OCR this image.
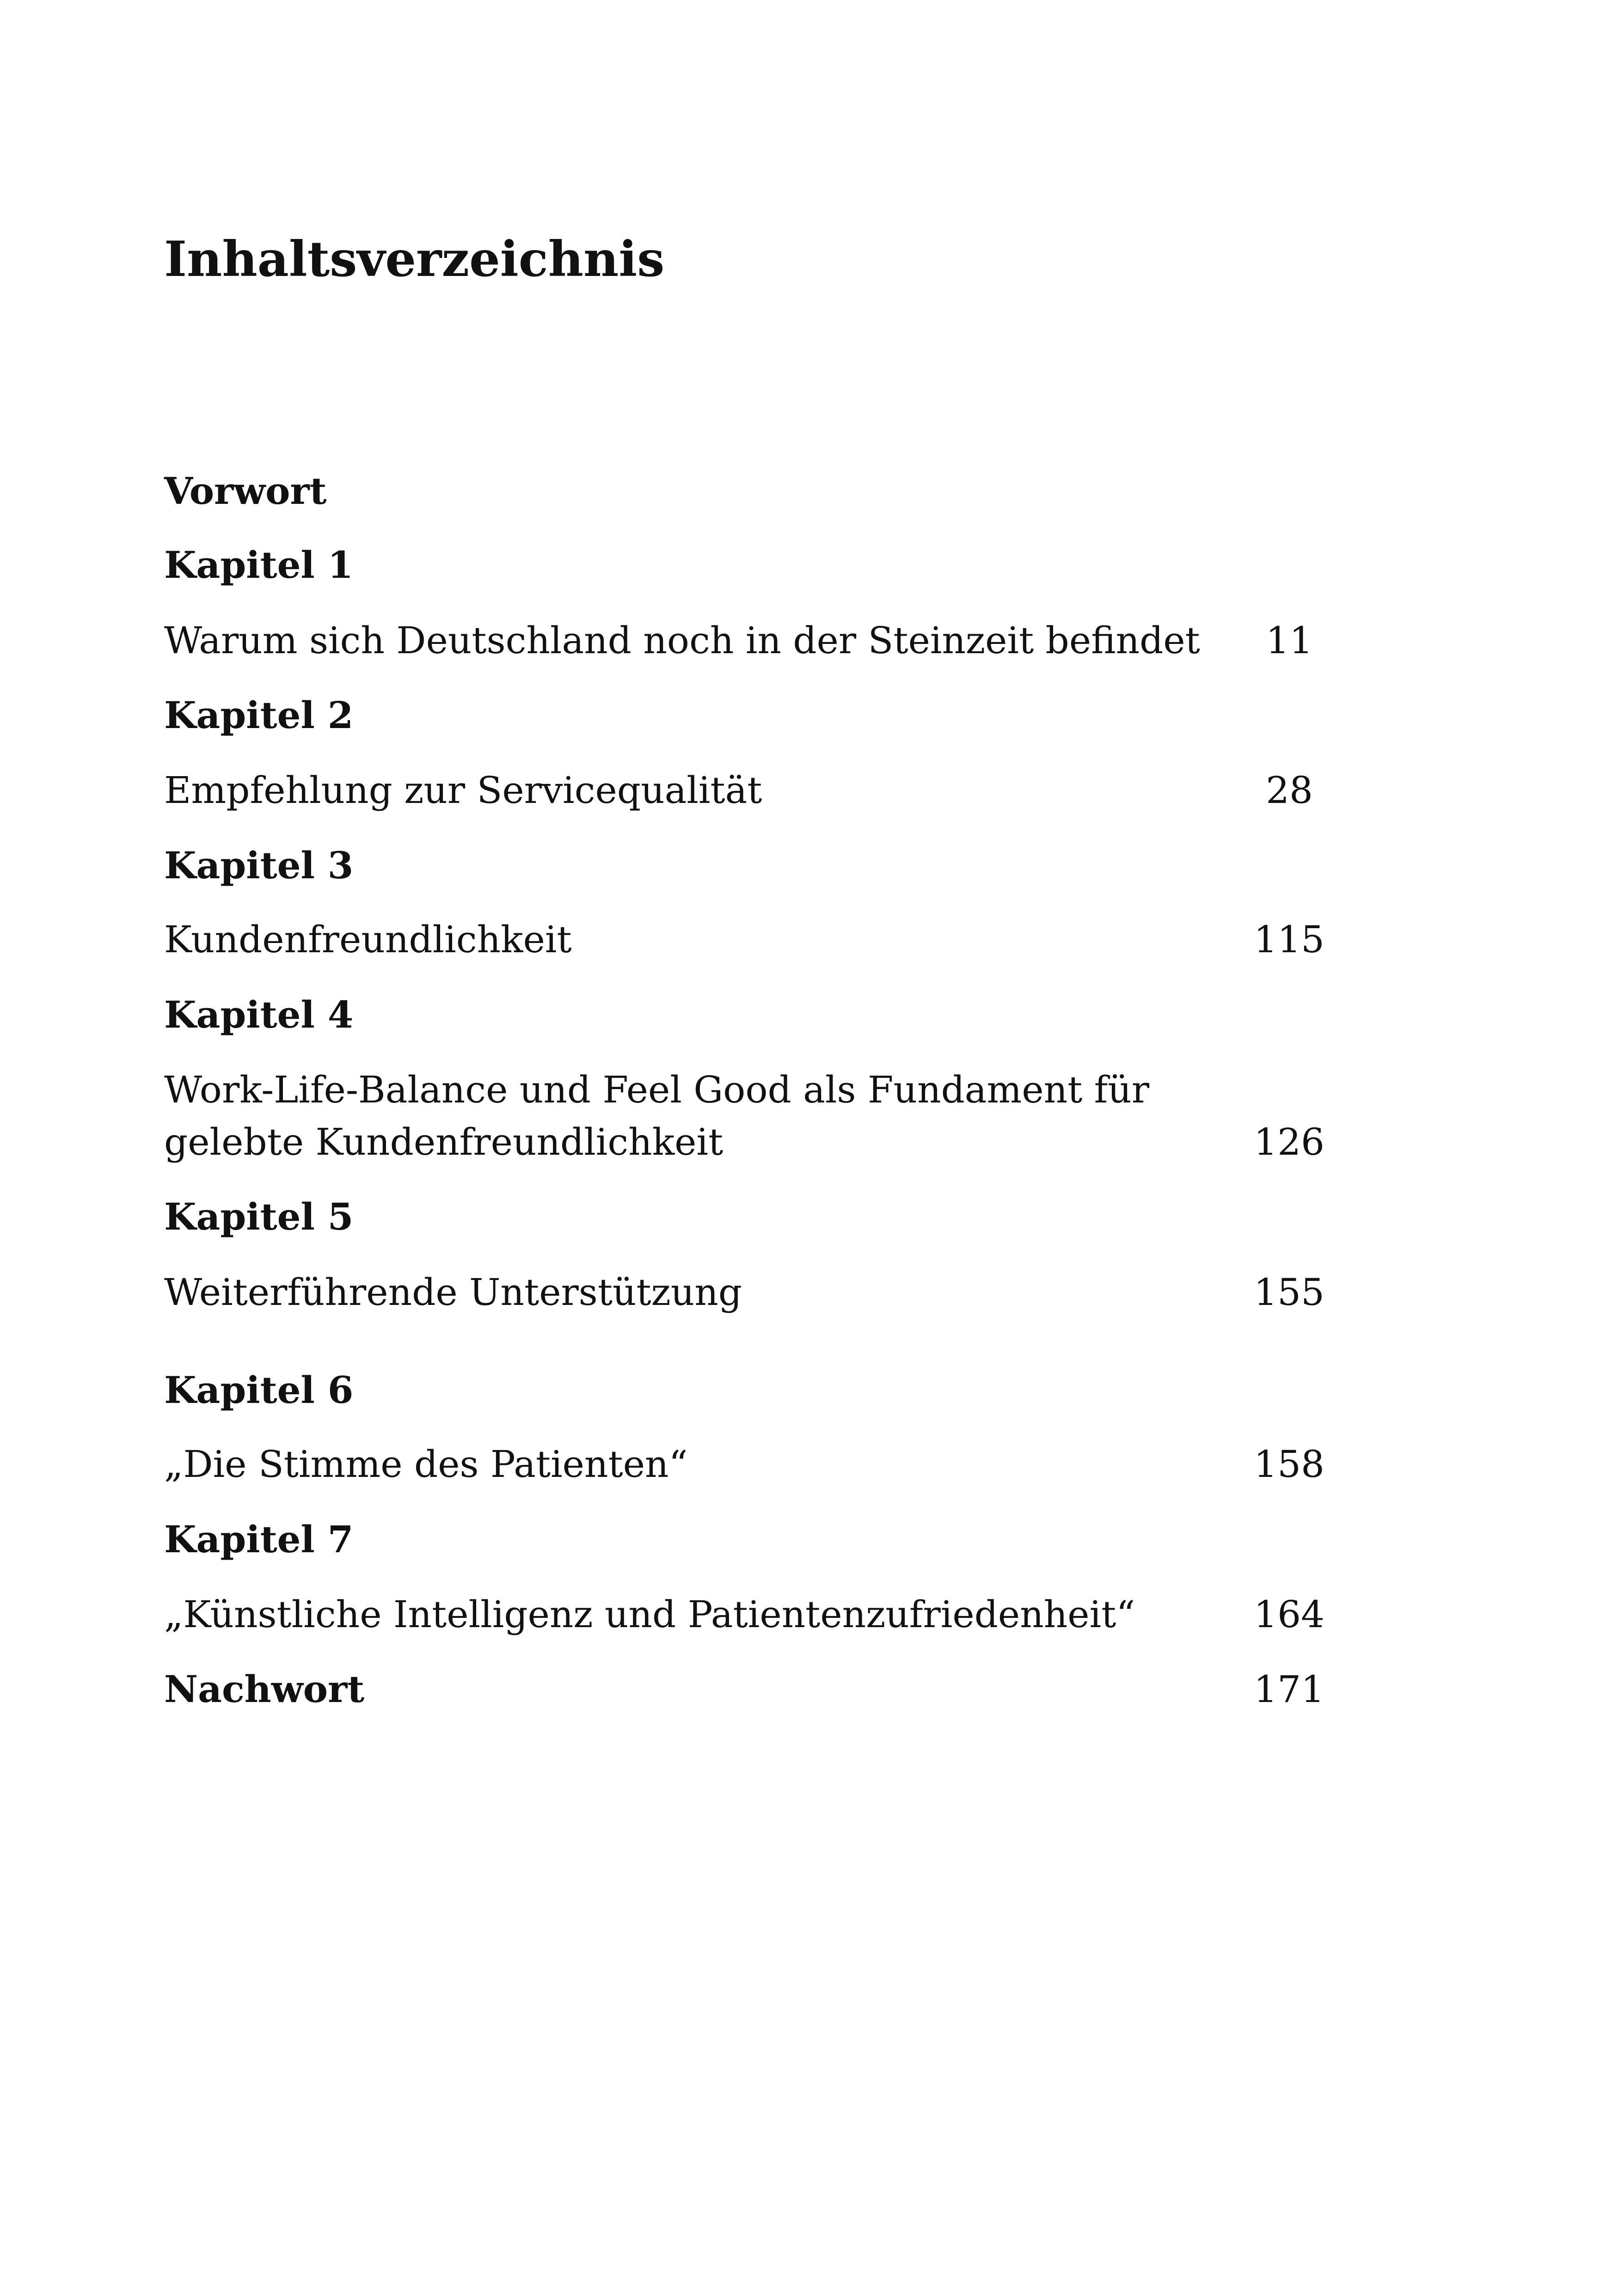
Inhaltsverzeichnis
Vorwort
Kapitel 1
Warum sich Deutschland noch in der Steinzeit befindet	11
Kapitel 2
Empfehlung zur Servicequalität	28
Kapitel 3
Kundenfreundlichkeit	115
Kapitel 4
Work-Life-Balance und Feel Good als Fundament für
gelebte Kundenfreundlichkeit	126
Kapitel 5
Weiterführende Unterstützung	155
Kapitel 6
„Die Stimme des Patienten“	158
Kapitel 7
„Künstliche Intelligenz und Patientenzufriedenheit“	164
Nachwort	171
